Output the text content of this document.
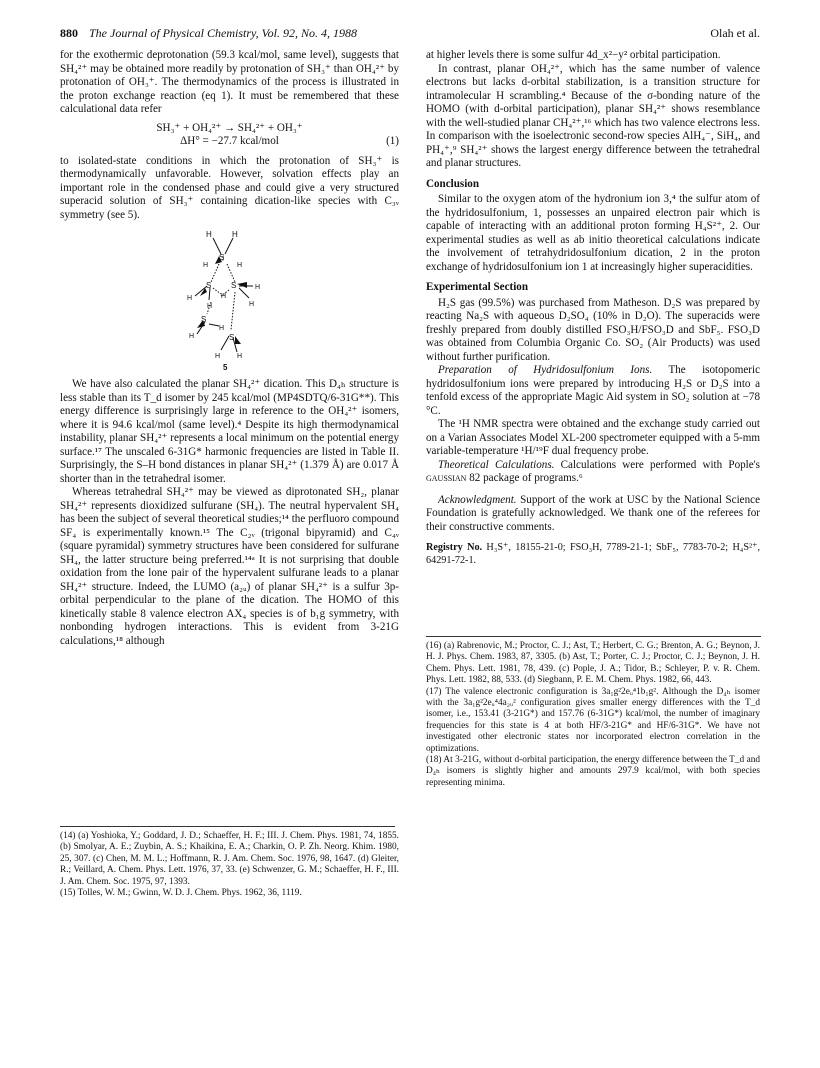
880 The Journal of Physical Chemistry, Vol. 92, No. 4, 1988	Olah et al.

for the exothermic deprotonation (59.3 kcal/mol, same level), suggests that SH₄²⁺ may be obtained more readily by protonation of SH₃⁺ than OH₄²⁺ by protonation of OH₃⁺. The thermodynamics of the process is illustrated in the proton exchange reaction (eq 1). It must be remembered that these calculational data refer

SH₃⁺ + OH₄²⁺ → SH₄²⁺ + OH₃⁺
ΔH° = −27.7 kcal/mol	(1)

to isolated-state conditions in which the protonation of SH₃⁺ is thermodynamically unfavorable. However, solvation effects play an important role in the condensed phase and could give a very structured superacid solution of SH₃⁺ containing dication-like species with C₃ᵥ symmetry (see 5).

H	H
S
H	H
S S	H
H	H
H
H
S
H
S
H
H H
5

We have also calculated the planar SH₄²⁺ dication. This D₄ₕ structure is less stable than its T_d isomer by 245 kcal/mol (MP4SDTQ/6-31G**). This energy difference is surprisingly large in reference to the OH₄²⁺ isomers, where it is 94.6 kcal/mol (same level).⁴ Despite its high thermodynamical instability, planar SH₄²⁺ represents a local minimum on the potential energy surface.¹⁷ The unscaled 6-31G* harmonic frequencies are listed in Table II. Surprisingly, the S–H bond distances in planar SH₄²⁺ (1.379 Å) are 0.017 Å shorter than in the tetrahedral isomer.

Whereas tetrahedral SH₄²⁺ may be viewed as diprotonated SH₂, planar SH₄²⁺ represents dioxidized sulfurane (SH₄). The neutral hypervalent SH₄ has been the subject of several theoretical studies;¹⁴ the perfluoro compound SF₄ is experimentally known.¹⁵ The C₂ᵥ (trigonal bipyramid) and C₄ᵥ (square pyramidal) symmetry structures have been considered for sulfurane SH₄, the latter structure being preferred.¹⁴ᵃ It is not surprising that double oxidation from the lone pair of the hypervalent sulfurane leads to a planar SH₄²⁺ structure. Indeed, the LUMO (a₂ᵤ) of planar SH₄²⁺ is a sulfur 3p-orbital perpendicular to the plane of the dication. The HOMO of this kinetically stable 8 valence electron AX₄ species is of b₁g symmetry, with nonbonding hydrogen interactions. This is evident from 3-21G calculations,¹⁸ although

at higher levels there is some sulfur 4d_x²−y² orbital participation.

In contrast, planar OH₄²⁺, which has the same number of valence electrons but lacks d-orbital stabilization, is a transition structure for intramolecular H scrambling.⁴ Because of the σ-bonding nature of the HOMO (with d-orbital participation), planar SH₄²⁺ shows resemblance with the well-studied planar CH₄²⁺,¹⁶ which has two valence electrons less. In comparison with the isoelectronic second-row species AlH₄⁻, SiH₄, and PH₄⁺,⁹ SH₄²⁺ shows the largest energy difference between the tetrahedral and planar structures.

Conclusion

Similar to the oxygen atom of the hydronium ion 3,⁴ the sulfur atom of the hydridosulfonium, 1, possesses an unpaired electron pair which is capable of interacting with an additional proton forming H₄S²⁺, 2. Our experimental studies as well as ab initio theoretical calculations indicate the involvement of tetrahydridosulfonium dication, 2 in the proton exchange of hydridosulfonium ion 1 at increasingly higher superacidities.

Experimental Section

H₂S gas (99.5%) was purchased from Matheson. D₂S was prepared by reacting Na₂S with aqueous D₂SO₄ (10% in D₂O). The superacids were freshly prepared from doubly distilled FSO₃H/FSO₃D and SbF₅. FSO₃D was obtained from Columbia Organic Co. SO₂ (Air Products) was used without further purification.

Preparation of Hydridosulfonium Ions. The isotopomeric hydridosulfonium ions were prepared by introducing H₂S or D₂S into a tenfold excess of the appropriate Magic Aid system in SO₂ solution at −78 °C.

The ¹H NMR spectra were obtained and the exchange study carried out on a Varian Associates Model XL-200 spectrometer equipped with a 5-mm variable-temperature ¹H/¹⁹F dual frequency probe.

Theoretical Calculations. Calculations were performed with Pople's gaussian 82 package of programs.⁶

Acknowledgment. Support of the work at USC by the National Science Foundation is gratefully acknowledged. We thank one of the referees for their constructive comments.

Registry No. H₃S⁺, 18155-21-0; FSO₃H, 7789-21-1; SbF₅, 7783-70-2; H₄S²⁺, 64291-72-1.

(14) (a) Yoshioka, Y.; Goddard, J. D.; Schaeffer, H. F.; III. J. Chem. Phys. 1981, 74, 1855. (b) Smolyar, A. E.; Zuybin, A. S.; Khaikina, E. A.; Charkin, O. P. Zh. Neorg. Khim. 1980, 25, 307. (c) Chen, M. M. L.; Hoffmann, R. J. Am. Chem. Soc. 1976, 98, 1647. (d) Gleiter, R.; Veillard, A. Chem. Phys. Lett. 1976, 37, 33. (e) Schwenzer, G. M.; Schaeffer, H. F., III. J. Am. Chem. Soc. 1975, 97, 1393.

(15) Tolles, W. M.; Gwinn, W. D. J. Chem. Phys. 1962, 36, 1119.

(16) (a) Rabrenovic, M.; Proctor, C. J.; Ast, T.; Herbert, C. G.; Brenton, A. G.; Beynon, J. H. J. Phys. Chem. 1983, 87, 3305. (b) Ast, T.; Porter, C. J.; Proctor, C. J.; Beynon, J. H. Chem. Phys. Lett. 1981, 78, 439. (c) Pople, J. A.; Tidor, B.; Schleyer, P. v. R. Chem. Phys. Lett. 1982, 88, 533. (d) Siegbann, P. E. M. Chem. Phys. 1982, 66, 443.

(17) The valence electronic configuration is 3a₁g²2eᵤ⁴1b₁g². Although the D₄ₕ isomer with the 3a₁g²2eᵤ⁴4a₂ᵤ² configuration gives smaller energy differences with the T_d isomer, i.e., 153.41 (3-21G*) and 157.76 (6-31G*) kcal/mol, the number of imaginary frequencies for this state is 4 at both HF/3-21G* and HF/6-31G*. We have not investigated other electronic states nor incorporated electron correlation in the optimizations.

(18) At 3-21G, without d-orbital participation, the energy difference between the T_d and D₄ₕ isomers is slightly higher and amounts 297.9 kcal/mol, with both species representing minima.
